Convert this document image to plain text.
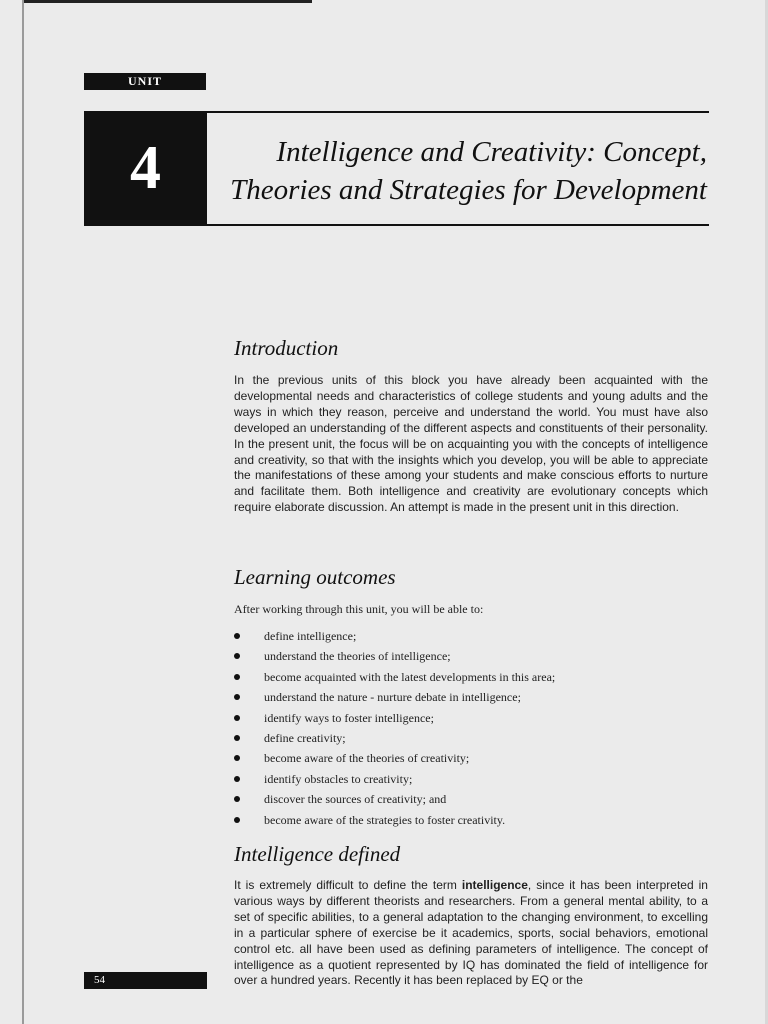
UNIT
4	Intelligence and Creativity: Concept,
Theories and Strategies for Development
Introduction

In the previous units of this block you have already been acquainted with the developmental needs and characteristics of college students and young adults and the ways in which they reason, perceive and understand the world. You must have also developed an understanding of the different aspects and constituents of their personality. In the present unit, the focus will be on acquainting you with the concepts of intelligence and creativity, so that with the insights which you develop, you will be able to appreciate the manifestations of these among your students and make conscious efforts to nurture and facilitate them. Both intelligence and creativity are evolutionary concepts which require elaborate discussion. An attempt is made in the present unit in this direction.

Learning outcomes

After working through this unit, you will be able to:

define intelligence;
understand the theories of intelligence;
become acquainted with the latest developments in this area;
understand the nature - nurture debate in intelligence;
identify ways to foster intelligence;
define creativity;
become aware of the theories of creativity;
identify obstacles to creativity;
discover the sources of creativity; and
become aware of the strategies to foster creativity.
Intelligence defined

It is extremely difficult to define the term intelligence, since it has been interpreted in various ways by different theorists and researchers. From a general mental ability, to a set of specific abilities, to a general adaptation to the changing environment, to excelling in a particular sphere of exercise be it academics, sports, social behaviors, emotional control etc. all have been used as defining parameters of intelligence. The concept of intelligence as a quotient represented by IQ has dominated the field of intelligence for over a hundred years. Recently it has been replaced by EQ or the

54
